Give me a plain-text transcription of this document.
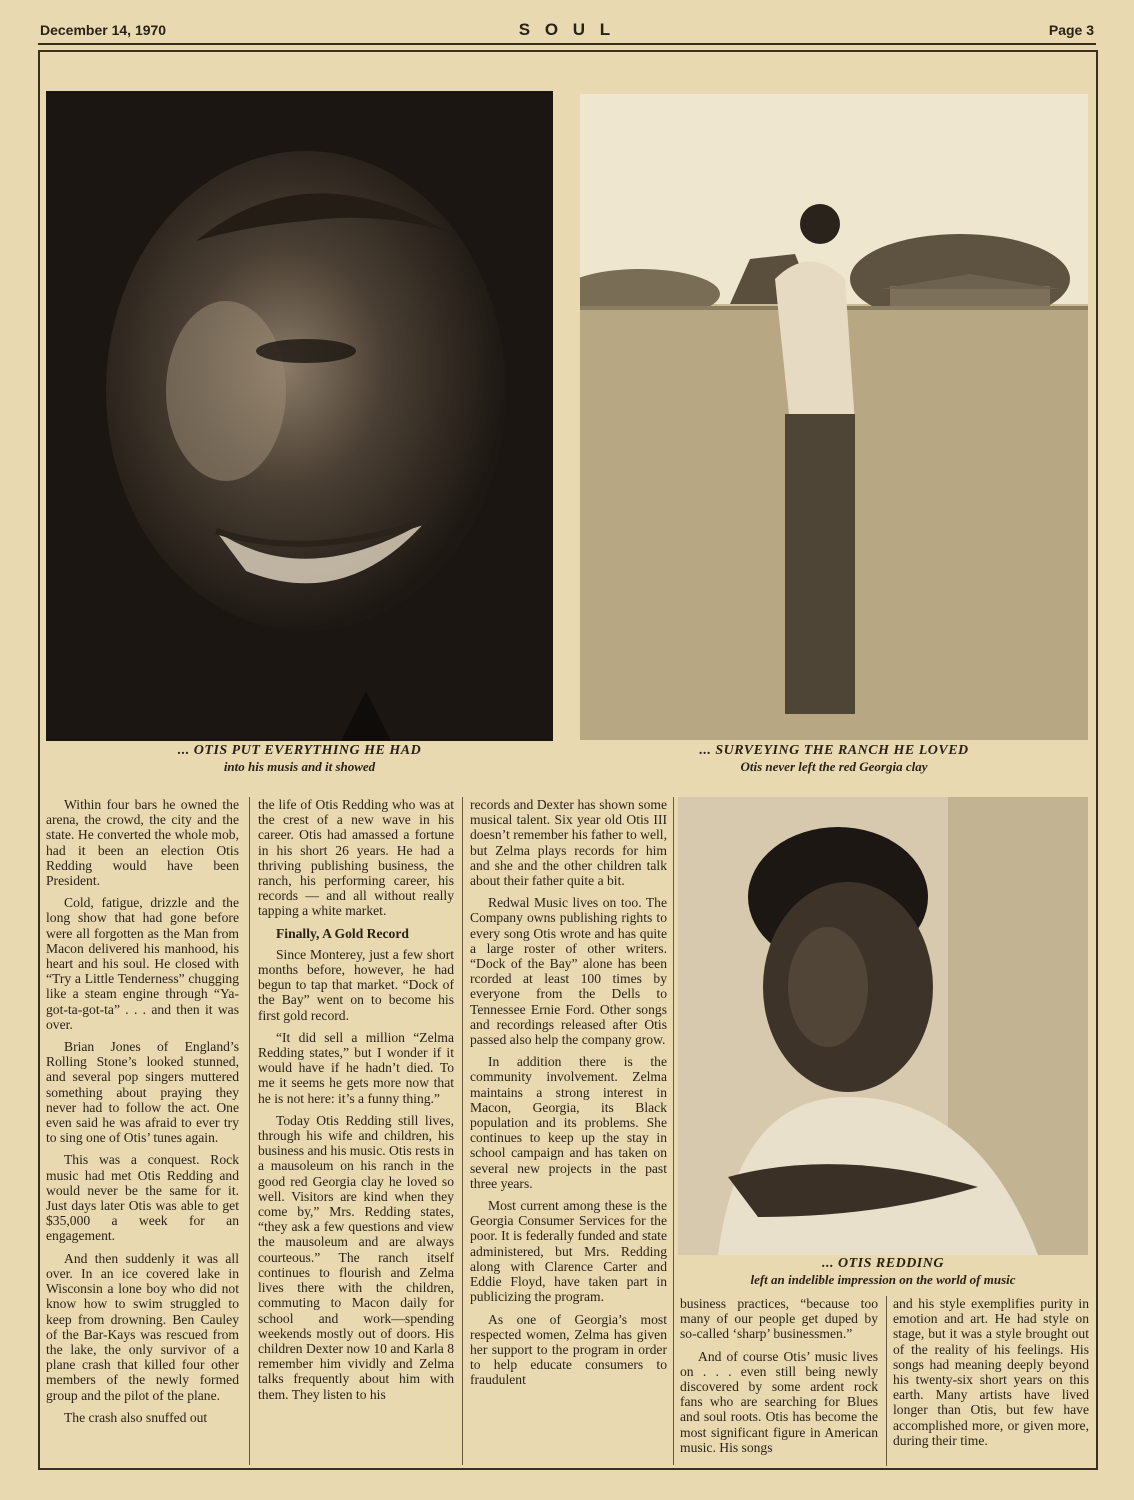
December 14, 1970	S O U L	Page 3
... OTIS PUT EVERYTHING HE HAD
into his musis and it showed
... SURVEYING THE RANCH HE LOVED
Otis never left the red Georgia clay
... OTIS REDDING
left an indelible impression on the world of music

Within four bars he owned the arena, the crowd, the city and the state. He converted the whole mob, had it been an election Otis Redding would have been President.

Cold, fatigue, drizzle and the long show that had gone before were all forgotten as the Man from Macon delivered his manhood, his heart and his soul. He closed with “Try a Little Tenderness” chugging like a steam engine through “Ya-got-ta-got-ta” . . . and then it was over.

Brian Jones of England’s Rolling Stone’s looked stunned, and several pop singers muttered something about praying they never had to follow the act. One even said he was afraid to ever try to sing one of Otis’ tunes again.

This was a conquest. Rock music had met Otis Redding and would never be the same for it. Just days later Otis was able to get $35,000 a week for an engagement.

And then suddenly it was all over. In an ice covered lake in Wisconsin a lone boy who did not know how to swim struggled to keep from drowning. Ben Cauley of the Bar-Kays was rescued from the lake, the only survivor of a plane crash that killed four other members of the newly formed group and the pilot of the plane.

The crash also snuffed out

the life of Otis Redding who was at the crest of a new wave in his career. Otis had amassed a fortune in his short 26 years. He had a thriving publishing business, the ranch, his performing career, his records — and all without really tapping a white market.

Finally, A Gold Record

Since Monterey, just a few short months before, however, he had begun to tap that market. “Dock of the Bay” went on to become his first gold record.

“It did sell a million “Zelma Redding states,” but I wonder if it would have if he hadn’t died. To me it seems he gets more now that he is not here: it’s a funny thing.”

Today Otis Redding still lives, through his wife and children, his business and his music. Otis rests in a mausoleum on his ranch in the good red Georgia clay he loved so well. Visitors are kind when they come by,” Mrs. Redding states, “they ask a few questions and view the mausoleum and are always courteous.” The ranch itself continues to flourish and Zelma lives there with the children, commuting to Macon daily for school and work—spending weekends mostly out of doors. His children Dexter now 10 and Karla 8 remember him vividly and Zelma talks frequently about him with them. They listen to his

records and Dexter has shown some musical talent. Six year old Otis III doesn’t remember his father to well, but Zelma plays records for him and she and the other children talk about their father quite a bit.

Redwal Music lives on too. The Company owns publishing rights to every song Otis wrote and has quite a large roster of other writers. “Dock of the Bay” alone has been rcorded at least 100 times by everyone from the Dells to Tennessee Ernie Ford. Other songs and recordings released after Otis passed also help the company grow.

In addition there is the community involvement. Zelma maintains a strong interest in Macon, Georgia, its Black population and its problems. She continues to keep up the stay in school campaign and has taken on several new projects in the past three years.

Most current among these is the Georgia Consumer Services for the poor. It is federally funded and state administered, but Mrs. Redding along with Clarence Carter and Eddie Floyd, have taken part in publicizing the program.

As one of Georgia’s most respected women, Zelma has given her support to the program in order to help educate consumers to fraudulent

business practices, “because too many of our people get duped by so-called ‘sharp’ businessmen.”

And of course Otis’ music lives on . . . even still being newly discovered by some ardent rock fans who are searching for Blues and soul roots. Otis has become the most significant figure in American music. His songs

and his style exemplifies purity in emotion and art. He had style on stage, but it was a style brought out of the reality of his feelings. His songs had meaning deeply beyond his twenty-six short years on this earth. Many artists have lived longer than Otis, but few have accomplished more, or given more, during their time.
